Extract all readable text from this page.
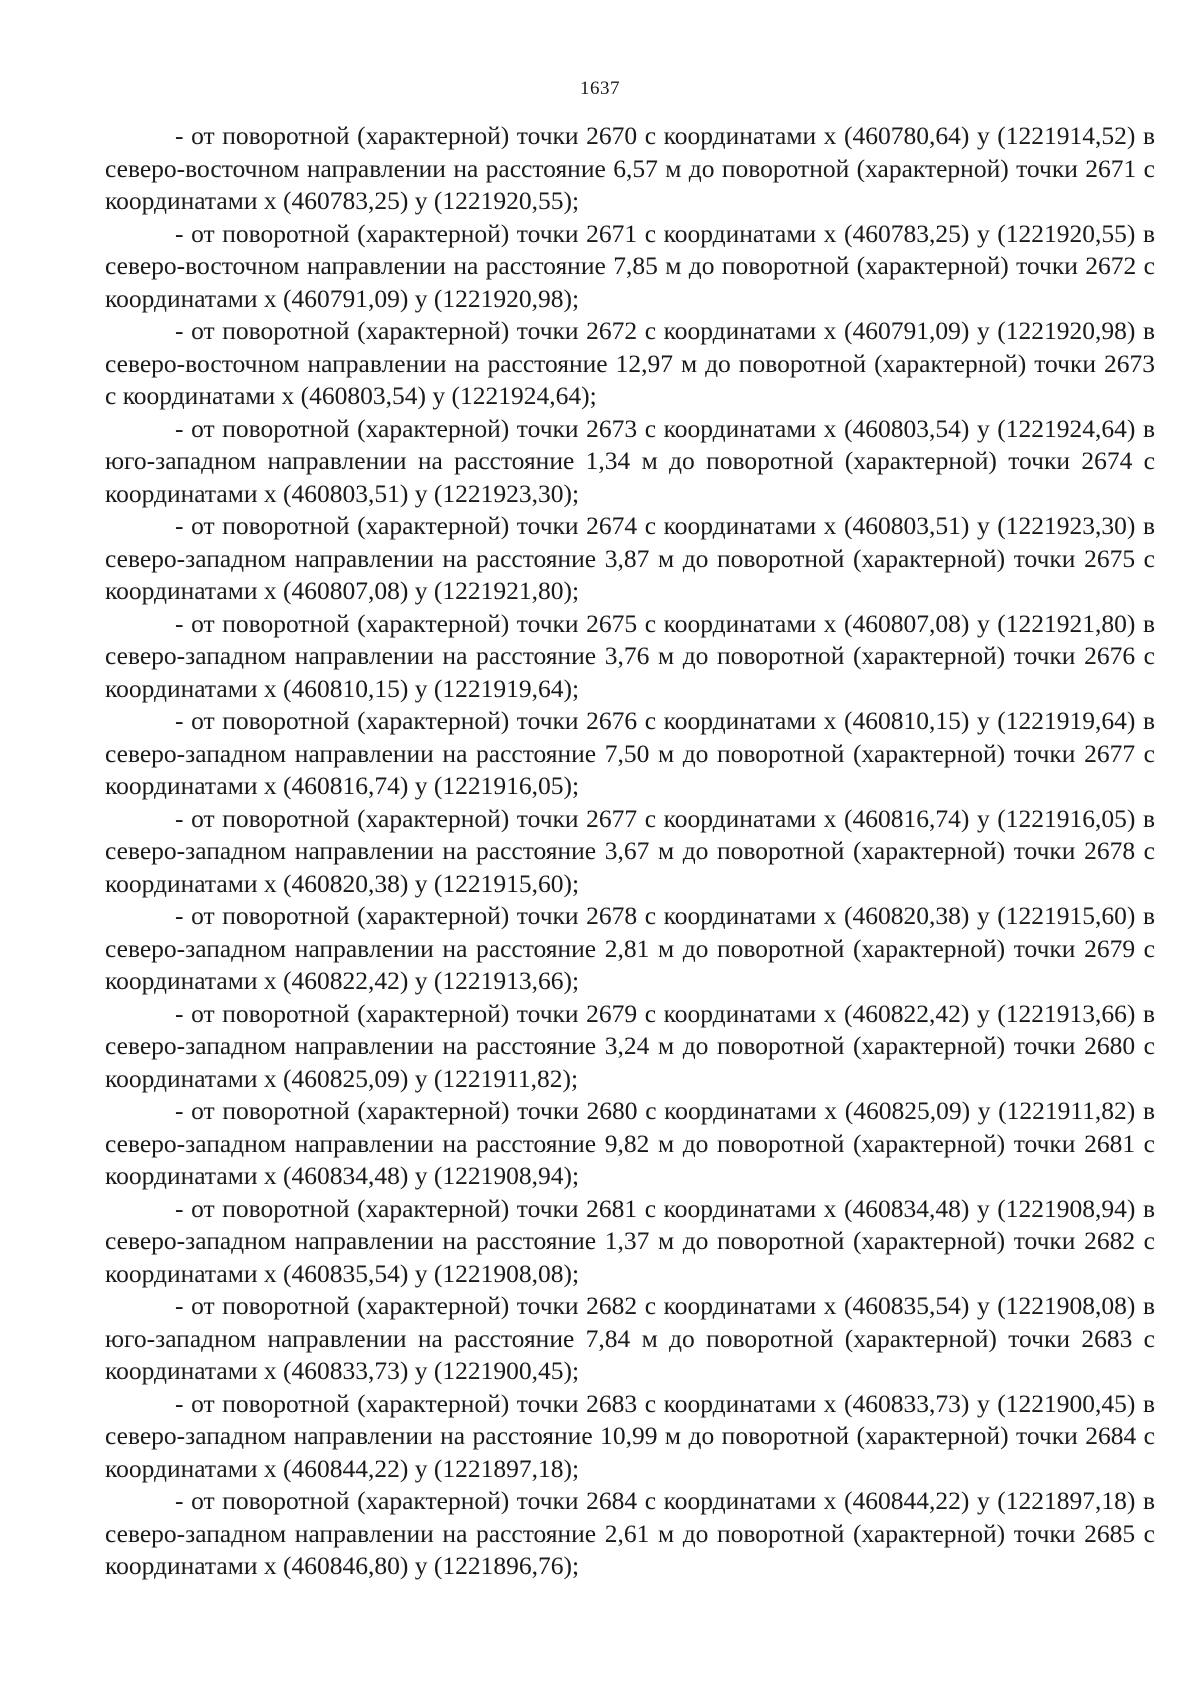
1637

- от поворотной (характерной) точки 2670 с координатами х (460780,64) у (1221914,52) в северо-восточном направлении на расстояние 6,57 м до поворотной (характерной) точки 2671 с координатами х (460783,25) у (1221920,55);

- от поворотной (характерной) точки 2671 с координатами х (460783,25) у (1221920,55) в северо-восточном направлении на расстояние 7,85 м до поворотной (характерной) точки 2672 с координатами х (460791,09) у (1221920,98);

- от поворотной (характерной) точки 2672 с координатами х (460791,09) у (1221920,98) в северо-восточном направлении на расстояние 12,97 м до поворотной (характерной) точки 2673 с координатами х (460803,54) у (1221924,64);

- от поворотной (характерной) точки 2673 с координатами х (460803,54) у (1221924,64) в юго-западном направлении на расстояние 1,34 м до поворотной (характерной) точки 2674 с координатами х (460803,51) у (1221923,30);

- от поворотной (характерной) точки 2674 с координатами х (460803,51) у (1221923,30) в северо-западном направлении на расстояние 3,87 м до поворотной (характерной) точки 2675 с координатами х (460807,08) у (1221921,80);

- от поворотной (характерной) точки 2675 с координатами х (460807,08) у (1221921,80) в северо-западном направлении на расстояние 3,76 м до поворотной (характерной) точки 2676 с координатами х (460810,15) у (1221919,64);

- от поворотной (характерной) точки 2676 с координатами х (460810,15) у (1221919,64) в северо-западном направлении на расстояние 7,50 м до поворотной (характерной) точки 2677 с координатами х (460816,74) у (1221916,05);

- от поворотной (характерной) точки 2677 с координатами х (460816,74) у (1221916,05) в северо-западном направлении на расстояние 3,67 м до поворотной (характерной) точки 2678 с координатами х (460820,38) у (1221915,60);

- от поворотной (характерной) точки 2678 с координатами х (460820,38) у (1221915,60) в северо-западном направлении на расстояние 2,81 м до поворотной (характерной) точки 2679 с координатами х (460822,42) у (1221913,66);

- от поворотной (характерной) точки 2679 с координатами х (460822,42) у (1221913,66) в северо-западном направлении на расстояние 3,24 м до поворотной (характерной) точки 2680 с координатами х (460825,09) у (1221911,82);

- от поворотной (характерной) точки 2680 с координатами х (460825,09) у (1221911,82) в северо-западном направлении на расстояние 9,82 м до поворотной (характерной) точки 2681 с координатами х (460834,48) у (1221908,94);

- от поворотной (характерной) точки 2681 с координатами х (460834,48) у (1221908,94) в северо-западном направлении на расстояние 1,37 м до поворотной (характерной) точки 2682 с координатами х (460835,54) у (1221908,08);

- от поворотной (характерной) точки 2682 с координатами х (460835,54) у (1221908,08) в юго-западном направлении на расстояние 7,84 м до поворотной (характерной) точки 2683 с координатами х (460833,73) у (1221900,45);

- от поворотной (характерной) точки 2683 с координатами х (460833,73) у (1221900,45) в северо-западном направлении на расстояние 10,99 м до поворотной (характерной) точки 2684 с координатами х (460844,22) у (1221897,18);

- от поворотной (характерной) точки 2684 с координатами х (460844,22) у (1221897,18) в северо-западном направлении на расстояние 2,61 м до поворотной (характерной) точки 2685 с координатами х (460846,80) у (1221896,76);
